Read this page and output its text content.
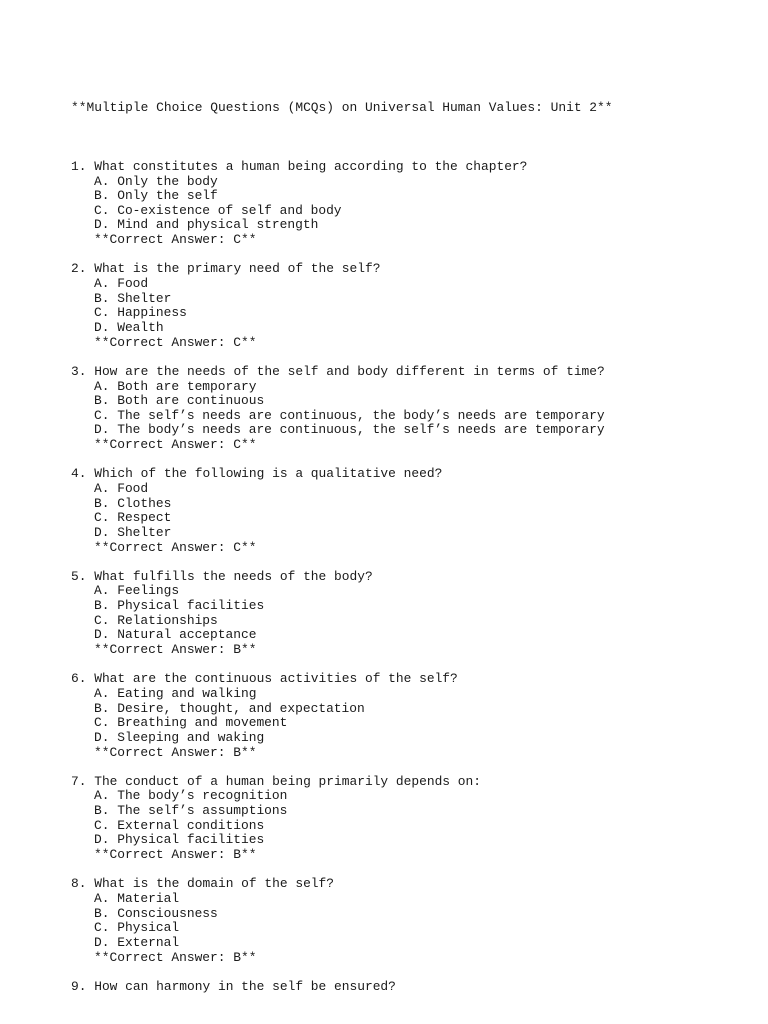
**Multiple Choice Questions (MCQs) on Universal Human Values: Unit 2**

1. What constitutes a human being according to the chapter?
A. Only the body
B. Only the self
C. Co-existence of self and body
D. Mind and physical strength
**Correct Answer: C**
2. What is the primary need of the self?
A. Food
B. Shelter
C. Happiness
D. Wealth
**Correct Answer: C**
3. How are the needs of the self and body different in terms of time?
A. Both are temporary
B. Both are continuous
C. The self’s needs are continuous, the body’s needs are temporary
D. The body’s needs are continuous, the self’s needs are temporary
**Correct Answer: C**
4. Which of the following is a qualitative need?
A. Food
B. Clothes
C. Respect
D. Shelter
**Correct Answer: C**
5. What fulfills the needs of the body?
A. Feelings
B. Physical facilities
C. Relationships
D. Natural acceptance
**Correct Answer: B**
6. What are the continuous activities of the self?
A. Eating and walking
B. Desire, thought, and expectation
C. Breathing and movement
D. Sleeping and waking
**Correct Answer: B**
7. The conduct of a human being primarily depends on:
A. The body’s recognition
B. The self’s assumptions
C. External conditions
D. Physical facilities
**Correct Answer: B**
8. What is the domain of the self?
A. Material
B. Consciousness
C. Physical
D. External
**Correct Answer: B**
9. How can harmony in the self be ensured?
